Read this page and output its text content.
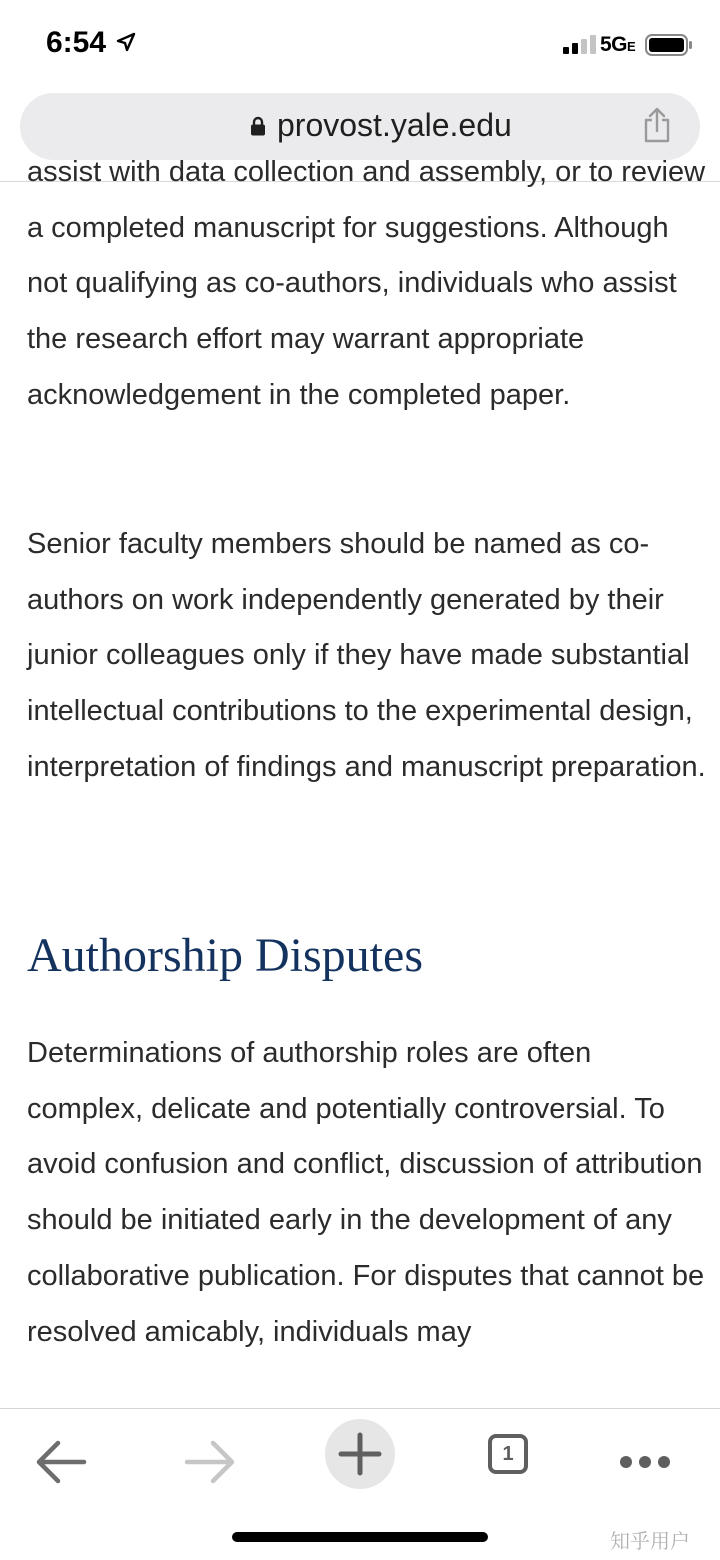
6:54	5GE
provost.yale.edu

assist with data collection and assembly, or to review a completed manuscript for suggestions. Although not qualifying as co-authors, individuals who assist the research effort may warrant appropriate acknowledgement in the completed paper.

Senior faculty members should be named as co-authors on work independently generated by their junior colleagues only if they have made substantial intellectual contributions to the experimental design, interpretation of findings and manuscript preparation.

Authorship Disputes

Determinations of authorship roles are often complex, delicate and potentially controversial. To avoid confusion and conflict, discussion of attribution should be initiated early in the development of any collaborative publication. For disputes that cannot be resolved amicably, individuals may

1
知乎用户
